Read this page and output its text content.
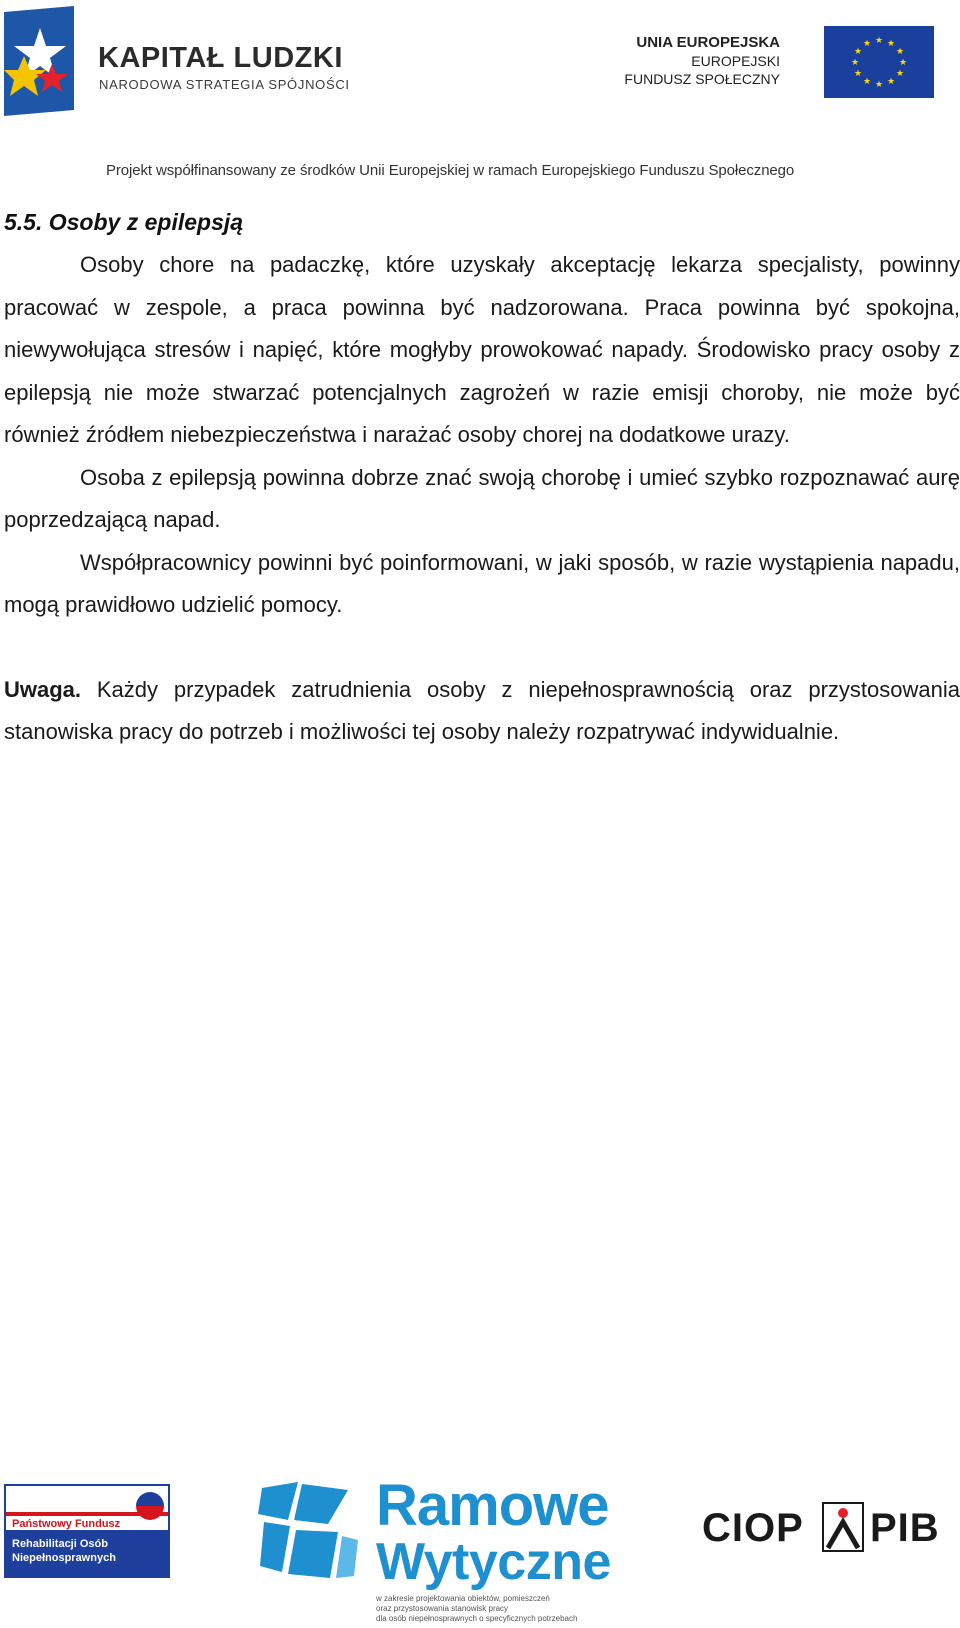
KAPITAŁ LUDZKI
NARODOWA STRATEGIA SPÓJNOŚCI
UNIA EUROPEJSKA
EUROPEJSKI
FUNDUSZ SPOŁECZNY
★ ★
★
★
★
★
★
★
★
★
★
★
Projekt współfinansowany ze środków Unii Europejskiej w ramach Europejskiego Funduszu Społecznego
5.5. Osoby z epilepsją

Osoby chore na padaczkę, które uzyskały akceptację lekarza specjalisty, powinny pracować w zespole, a praca powinna być nadzorowana. Praca powinna być spokojna, niewywołująca stresów i napięć, które mogłyby prowokować napady. Środowisko pracy osoby z epilepsją nie może stwarzać potencjalnych zagrożeń w razie emisji choroby, nie może być również źródłem niebezpieczeństwa i narażać osoby chorej na dodatkowe urazy.

Osoba z epilepsją powinna dobrze znać swoją chorobę i umieć szybko rozpoznawać aurę poprzedzającą napad.

Współpracownicy powinni być poinformowani, w jaki sposób, w razie wystąpienia napadu, mogą prawidłowo udzielić pomocy.

Uwaga. Każdy przypadek zatrudnienia osoby z niepełnosprawnością oraz przystosowania stanowiska pracy do potrzeb i możliwości tej osoby należy rozpatrywać indywidualnie.

Państwowy Fundusz
Rehabilitacji Osób
Niepełnosprawnych
Ramowe
Wytyczne
w zakresie projektowania obiektów, pomieszczeń
oraz przystosowania stanowisk pracy
dla osób niepełnosprawnych o specyficznych potrzebach
CIOP PIB
